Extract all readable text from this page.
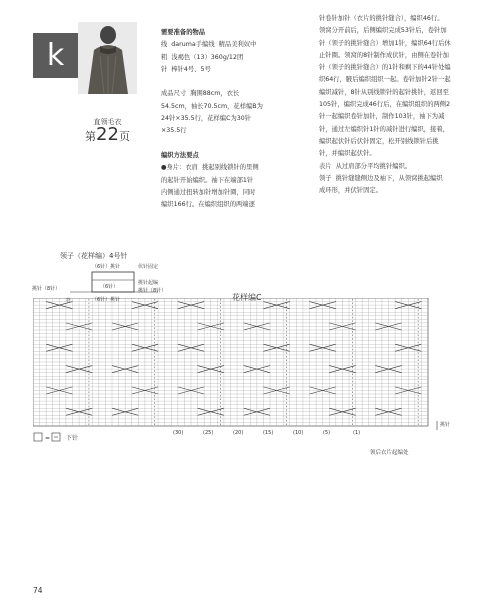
k
直领毛衣
第22页
需要准备的物品
线  daruma手编线  精品美利奴中
粗  浅褐色（13）360g/12团
针  棒针4号、5号

成品尺寸  胸围88cm，衣长
54.5cm，袖长70.5cm，花样编B为
24针×35.5行，花样编C为30针
×35.5行

编织方法要点
●身片：衣肩  挑起别线锁针的里侧
的起针开始编织。袖下在端部1针
内侧通过扭转加针增加针圈，同时
编织166行。在编织组织的两端逐
针卷针加针（衣片的挑针缝合），编织46行。
领窝分开前后，后侧编织完成53针后，卷针加
针（领子的挑针缝合）增加1针，编织64行后休
止针圈。领窝的8针制作成伏针，由侧在卷针加
针（领子的挑针缝合）的1针和剩下的44针处编
织64行，腋后编织组织一起。卷针加针2针一起
编织减针，8针从别线锁针的起针挑针，返回至
105针，编织完成46行后，在编织组织的两侧2
针一起编织卷针加针，制作103针，袖下为减
针，通过左编织针1针的减针进行编织，接着，
编织起伏针后伏针固定，松开别线锁针后挑
针，并编织起伏针。
表片  从过肩部分平均挑针编织。
领子  挑针缝缝侧边及袖下，从领窝挑起编织
成环形，并伏针固定。
领子（花样编）4号针
（6针）挑针	伏针固定
（6针）
挑针（8针）
挑针起编
挑针（8针）
（6针）挑针
符	花样编C
(30)	(25)	(20)	(15)	(10)	(5)	(1)
挑针
=	下针
领后衣片起编处
74
